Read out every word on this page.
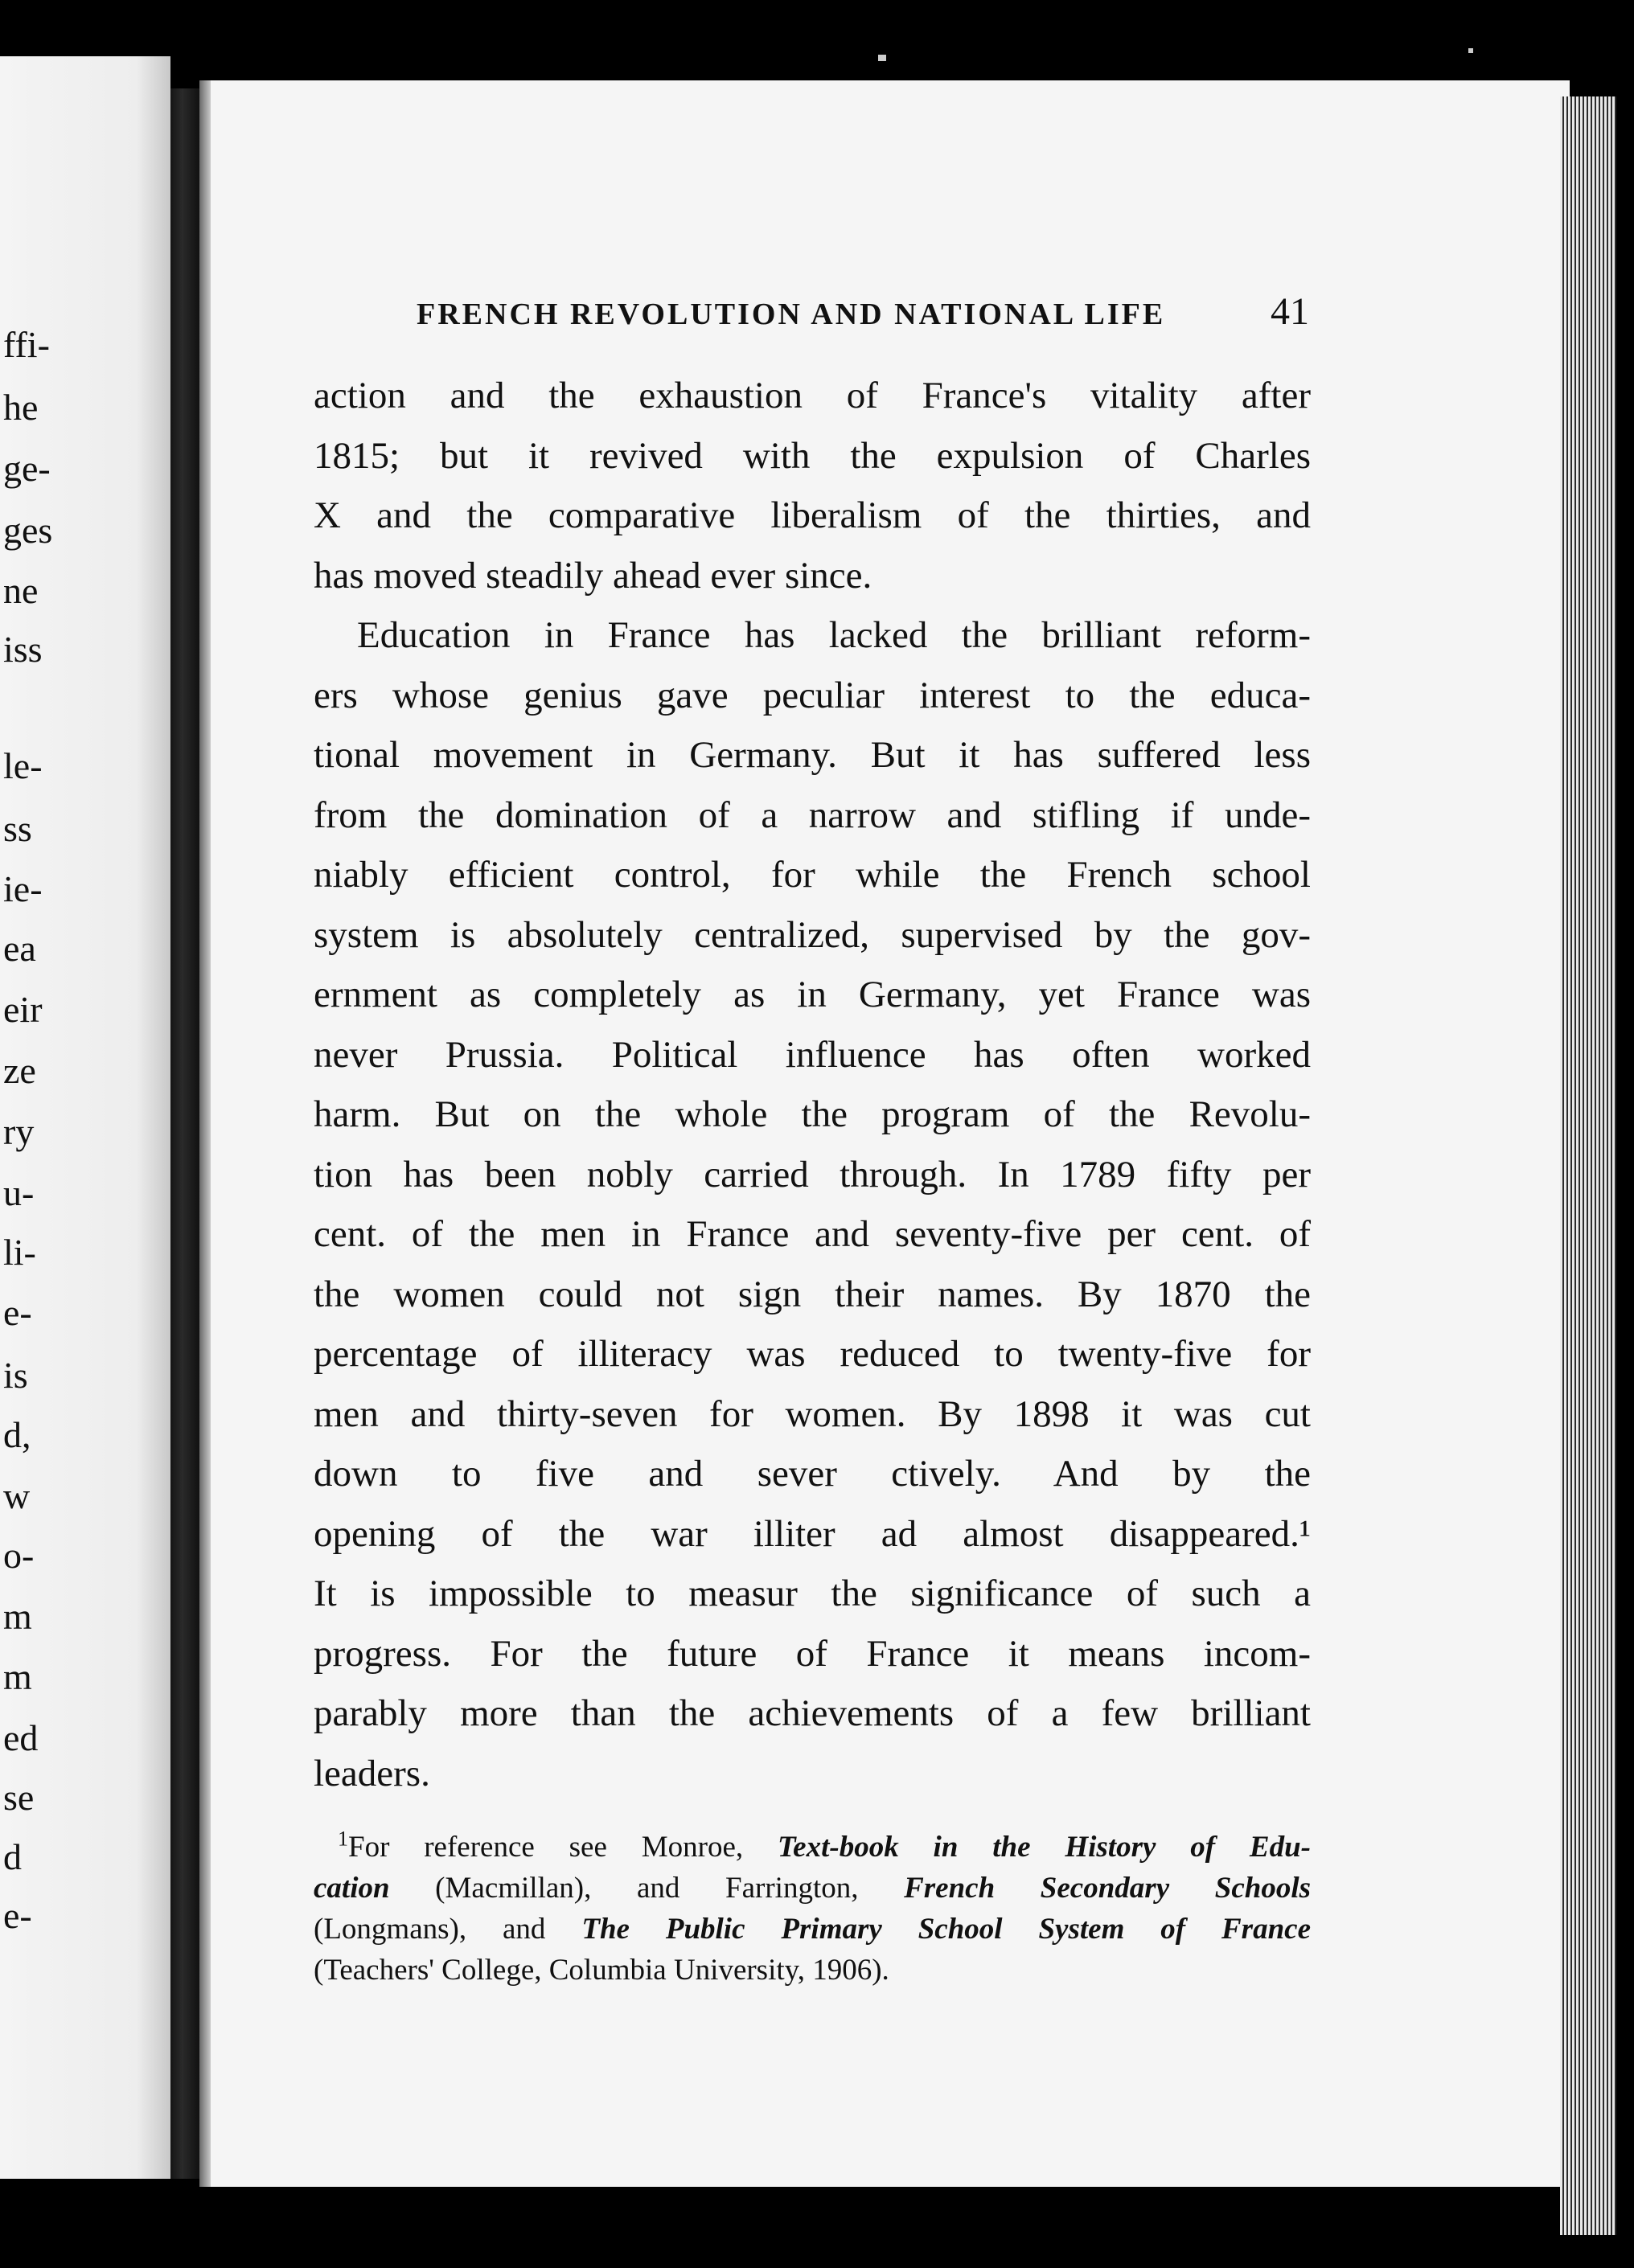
ffi-
he
ge-
ges
ne
iss
le-
ss
ie-
ea
eir
ze
ry
u-
li-
e-
is
d,
w
o-
m
m
ed
se
d
e-
FRENCH REVOLUTION AND NATIONAL LIFE	41
action and the exhaustion of France's vitality after
1815; but it revived with the expulsion of Charles
X and the comparative liberalism of the thirties, and
has moved steadily ahead ever since.
Education in France has lacked the brilliant reform-
ers whose genius gave peculiar interest to the educa-
tional movement in Germany. But it has suffered less
from the domination of a narrow and stifling if unde-
niably efficient control, for while the French school
system is absolutely centralized, supervised by the gov-
ernment as completely as in Germany, yet France was
never Prussia. Political influence has often worked
harm. But on the whole the program of the Revolu-
tion has been nobly carried through. In 1789 fifty per
cent. of the men in France and seventy-five per cent. of
the women could not sign their names. By 1870 the
percentage of illiteracy was reduced to twenty-five for
men and thirty-seven for women. By 1898 it was cut
down to five and sever ctively. And by the
opening of the war illiter ad almost disappeared.¹
It is impossible to measur the significance of such a
progress. For the future of France it means incom-
parably more than the achievements of a few brilliant
leaders.
$^1$For reference see Monroe, Text-book in the History of Edu-
cation (Macmillan), and Farrington, French Secondary Schools
(Longmans), and The Public Primary School System of France
(Teachers' College, Columbia University, 1906).
